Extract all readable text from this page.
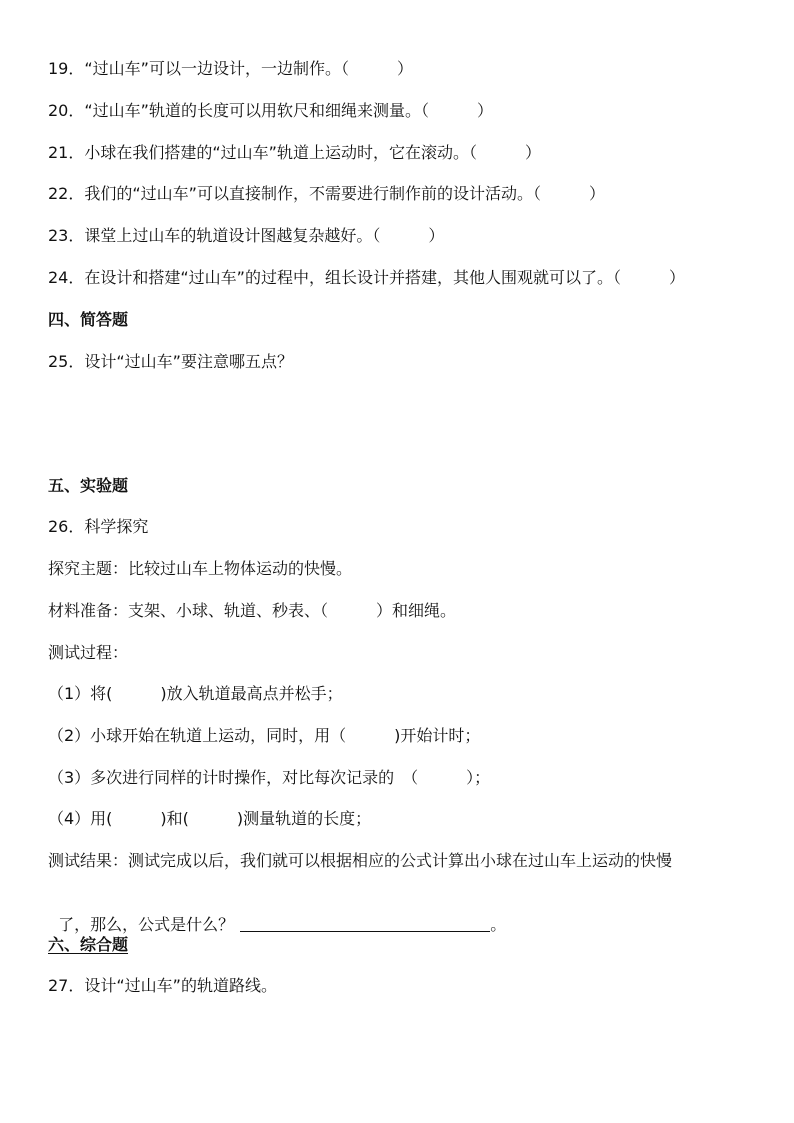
19．“过山车”可以一边设计，一边制作。（　　　）
20．“过山车”轨道的长度可以用软尺和细绳来测量。（　　　）
21．小球在我们搭建的“过山车”轨道上运动时，它在滚动。（　　　）
22．我们的“过山车”可以直接制作，不需要进行制作前的设计活动。（　　　）
23．课堂上过山车的轨道设计图越复杂越好。（　　　）
24．在设计和搭建“过山车”的过程中，组长设计并搭建，其他人围观就可以了。（　　　）
四、简答题
25．设计“过山车”要注意哪五点？
五、实验题
26．科学探究
探究主题：比较过山车上物体运动的快慢。
材料准备：支架、小球、轨道、秒表、（　　　）和细绳。
测试过程：
（1）将(　　　)放入轨道最高点并松手；
（2）小球开始在轨道上运动，同时，用（　　　)开始计时；
（3）多次进行同样的计时操作，对比每次记录的　（　　　）；
（4）用(　　　)和(　　　)测量轨道的长度；
测试结果：测试完成以后，我们就可以根据相应的公式计算出小球在过山车上运动的快慢

了，那么，公式是什么？	。

六、综合题
27．设计“过山车”的轨道路线。
